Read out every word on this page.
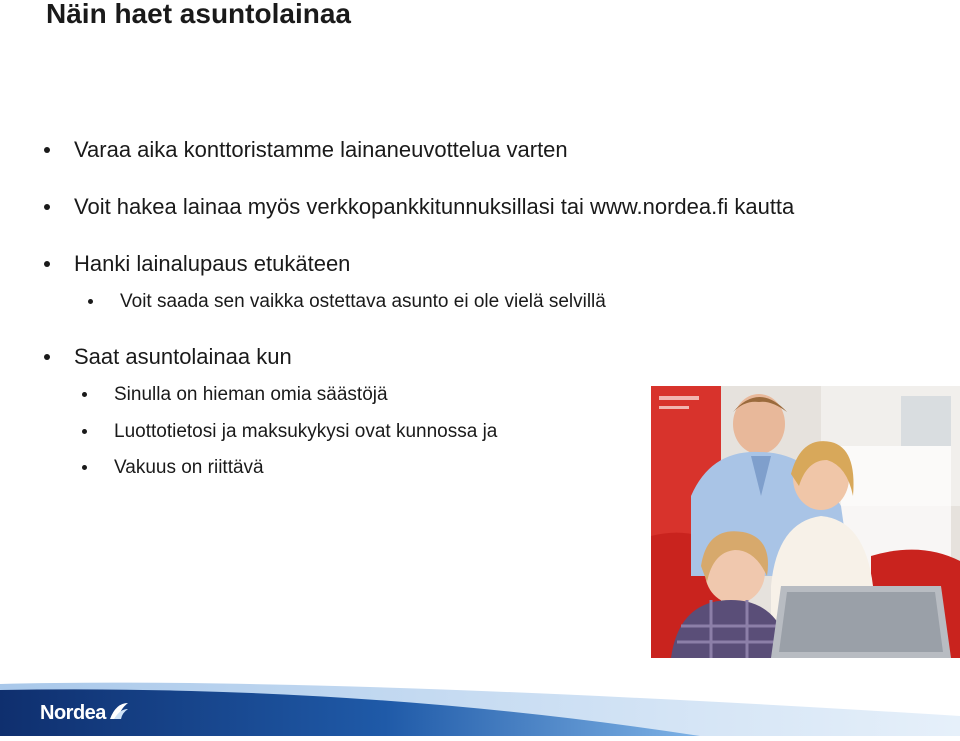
Näin haet asuntolainaa
Varaa aika konttoristamme lainaneuvottelua varten
Voit hakea lainaa myös verkkopankkitunnuksillasi tai www.nordea.fi kautta
Hanki lainalupaus etukäteen
Voit saada sen vaikka ostettava asunto ei ole vielä selvillä
Saat asuntolainaa kun
Sinulla on hieman omia säästöjä
Luottotietosi ja maksukykysi ovat kunnossa ja
Vakuus on riittävä
Nordea
